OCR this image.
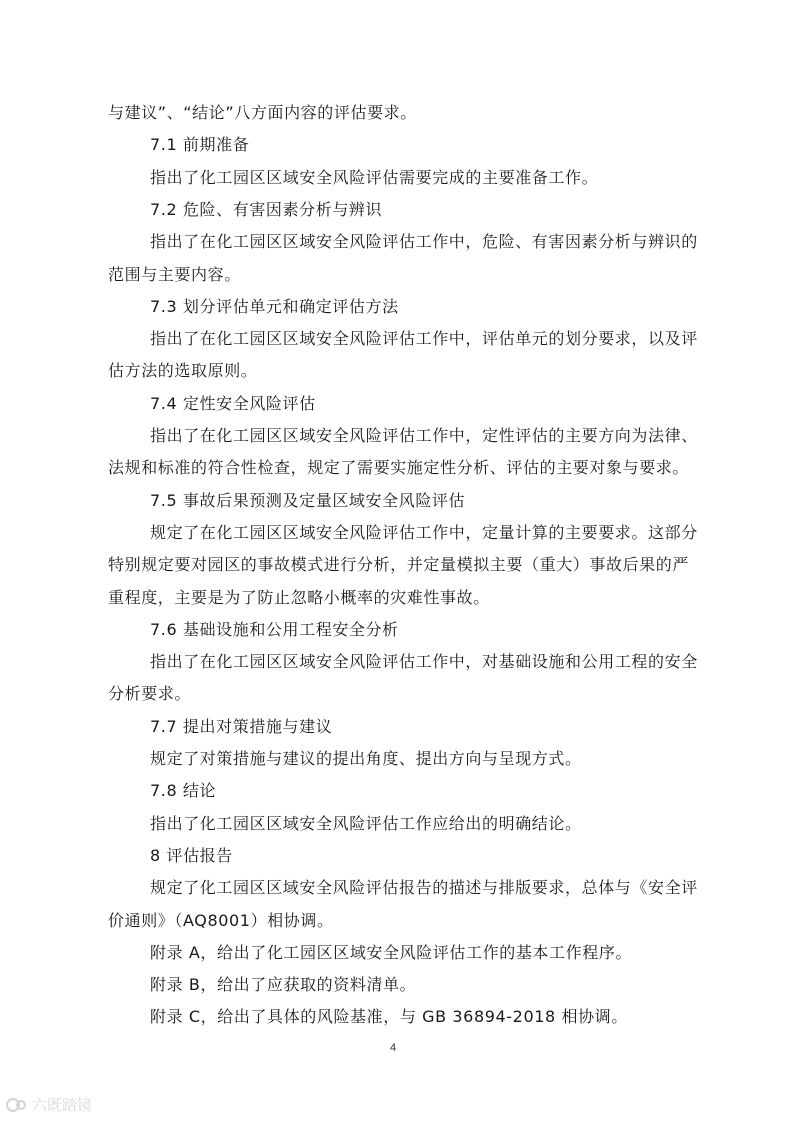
与建议”、“结论”八方面内容的评估要求。
7.1 前期准备
指出了化工园区区域安全风险评估需要完成的主要准备工作。
7.2 危险、有害因素分析与辨识
指出了在化工园区区域安全风险评估工作中，危险、有害因素分析与辨识的
范围与主要内容。
7.3 划分评估单元和确定评估方法
指出了在化工园区区域安全风险评估工作中，评估单元的划分要求，以及评
估方法的选取原则。
7.4 定性安全风险评估
指出了在化工园区区域安全风险评估工作中，定性评估的主要方向为法律、
法规和标准的符合性检查，规定了需要实施定性分析、评估的主要对象与要求。
7.5 事故后果预测及定量区域安全风险评估
规定了在化工园区区域安全风险评估工作中，定量计算的主要要求。这部分
特别规定要对园区的事故模式进行分析，并定量模拟主要（重大）事故后果的严
重程度，主要是为了防止忽略小概率的灾难性事故。
7.6 基础设施和公用工程安全分析
指出了在化工园区区域安全风险评估工作中，对基础设施和公用工程的安全
分析要求。
7.7 提出对策措施与建议
规定了对策措施与建议的提出角度、提出方向与呈现方式。
7.8 结论
指出了化工园区区域安全风险评估工作应给出的明确结论。
8 评估报告
规定了化工园区区域安全风险评估报告的描述与排版要求，总体与《安全评
价通则》（AQ8001）相协调。
附录 A，给出了化工园区区域安全风险评估工作的基本工作程序。
附录 B，给出了应获取的资料清单。
附录 C，给出了具体的风险基准，与 GB 36894-2018 相协调。
4
六既踏镜
